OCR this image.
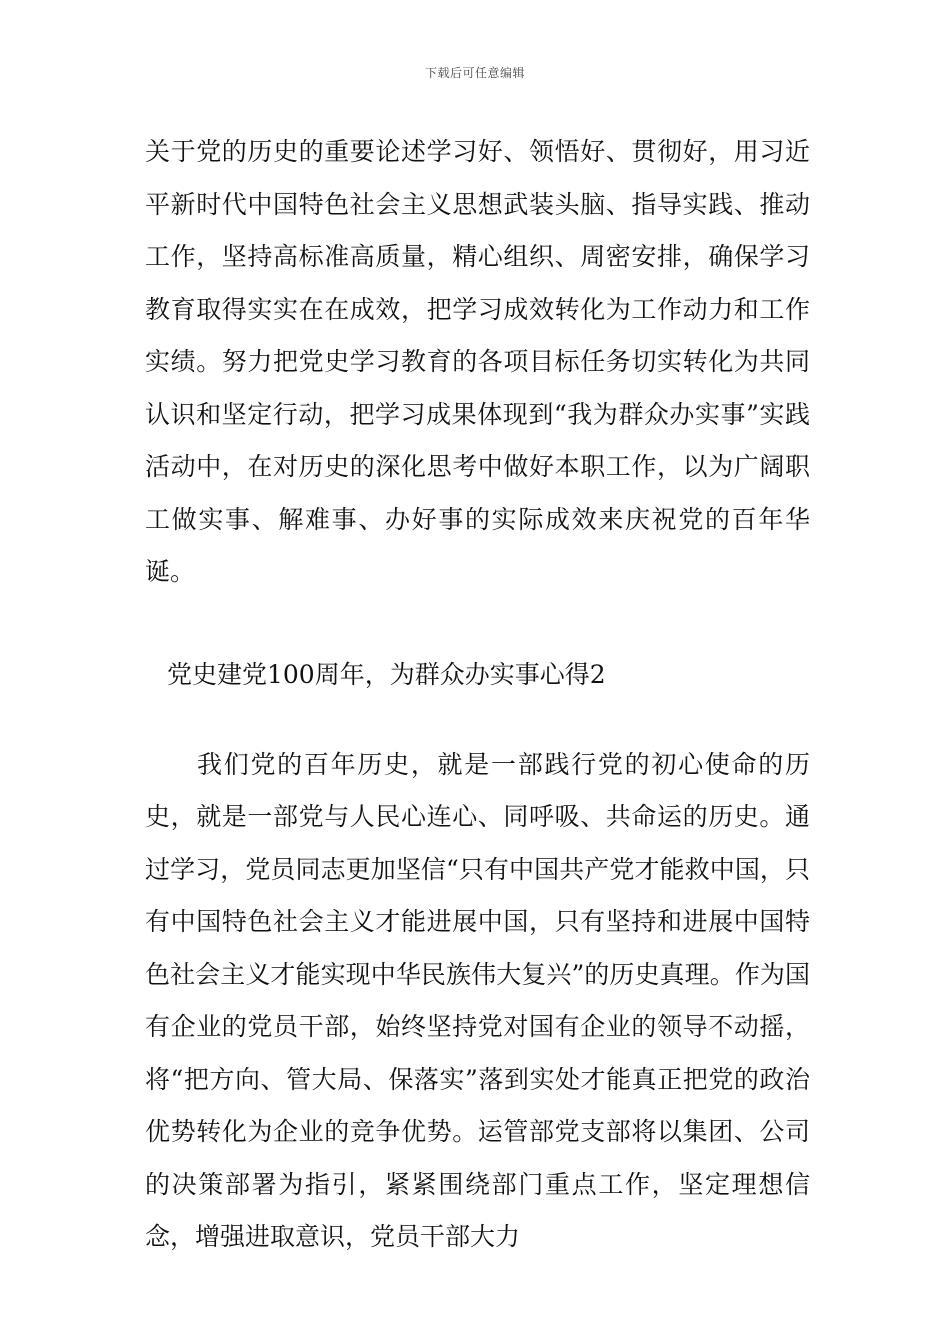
下载后可任意编辑

关于党的历史的重要论述学习好、领悟好、贯彻好，用习近平新时代中国特色社会主义思想武装头脑、指导实践、推动工作，坚持高标准高质量，精心组织、周密安排，确保学习教育取得实实在在成效，把学习成效转化为工作动力和工作实绩。努力把党史学习教育的各项目标任务切实转化为共同认识和坚定行动，把学习成果体现到“我为群众办实事”实践活动中，在对历史的深化思考中做好本职工作，以为广阔职工做实事、解难事、办好事的实际成效来庆祝党的百年华诞。

党史建党100周年，为群众办实事心得2

我们党的百年历史，就是一部践行党的初心使命的历史，就是一部党与人民心连心、同呼吸、共命运的历史。通过学习，党员同志更加坚信“只有中国共产党才能救中国，只有中国特色社会主义才能进展中国，只有坚持和进展中国特色社会主义才能实现中华民族伟大复兴”的历史真理。作为国有企业的党员干部，始终坚持党对国有企业的领导不动摇，将“把方向、管大局、保落实”落到实处才能真正把党的政治优势转化为企业的竞争优势。运管部党支部将以集团、公司的决策部署为指引，紧紧围绕部门重点工作，坚定理想信念，增强进取意识，党员干部大力
